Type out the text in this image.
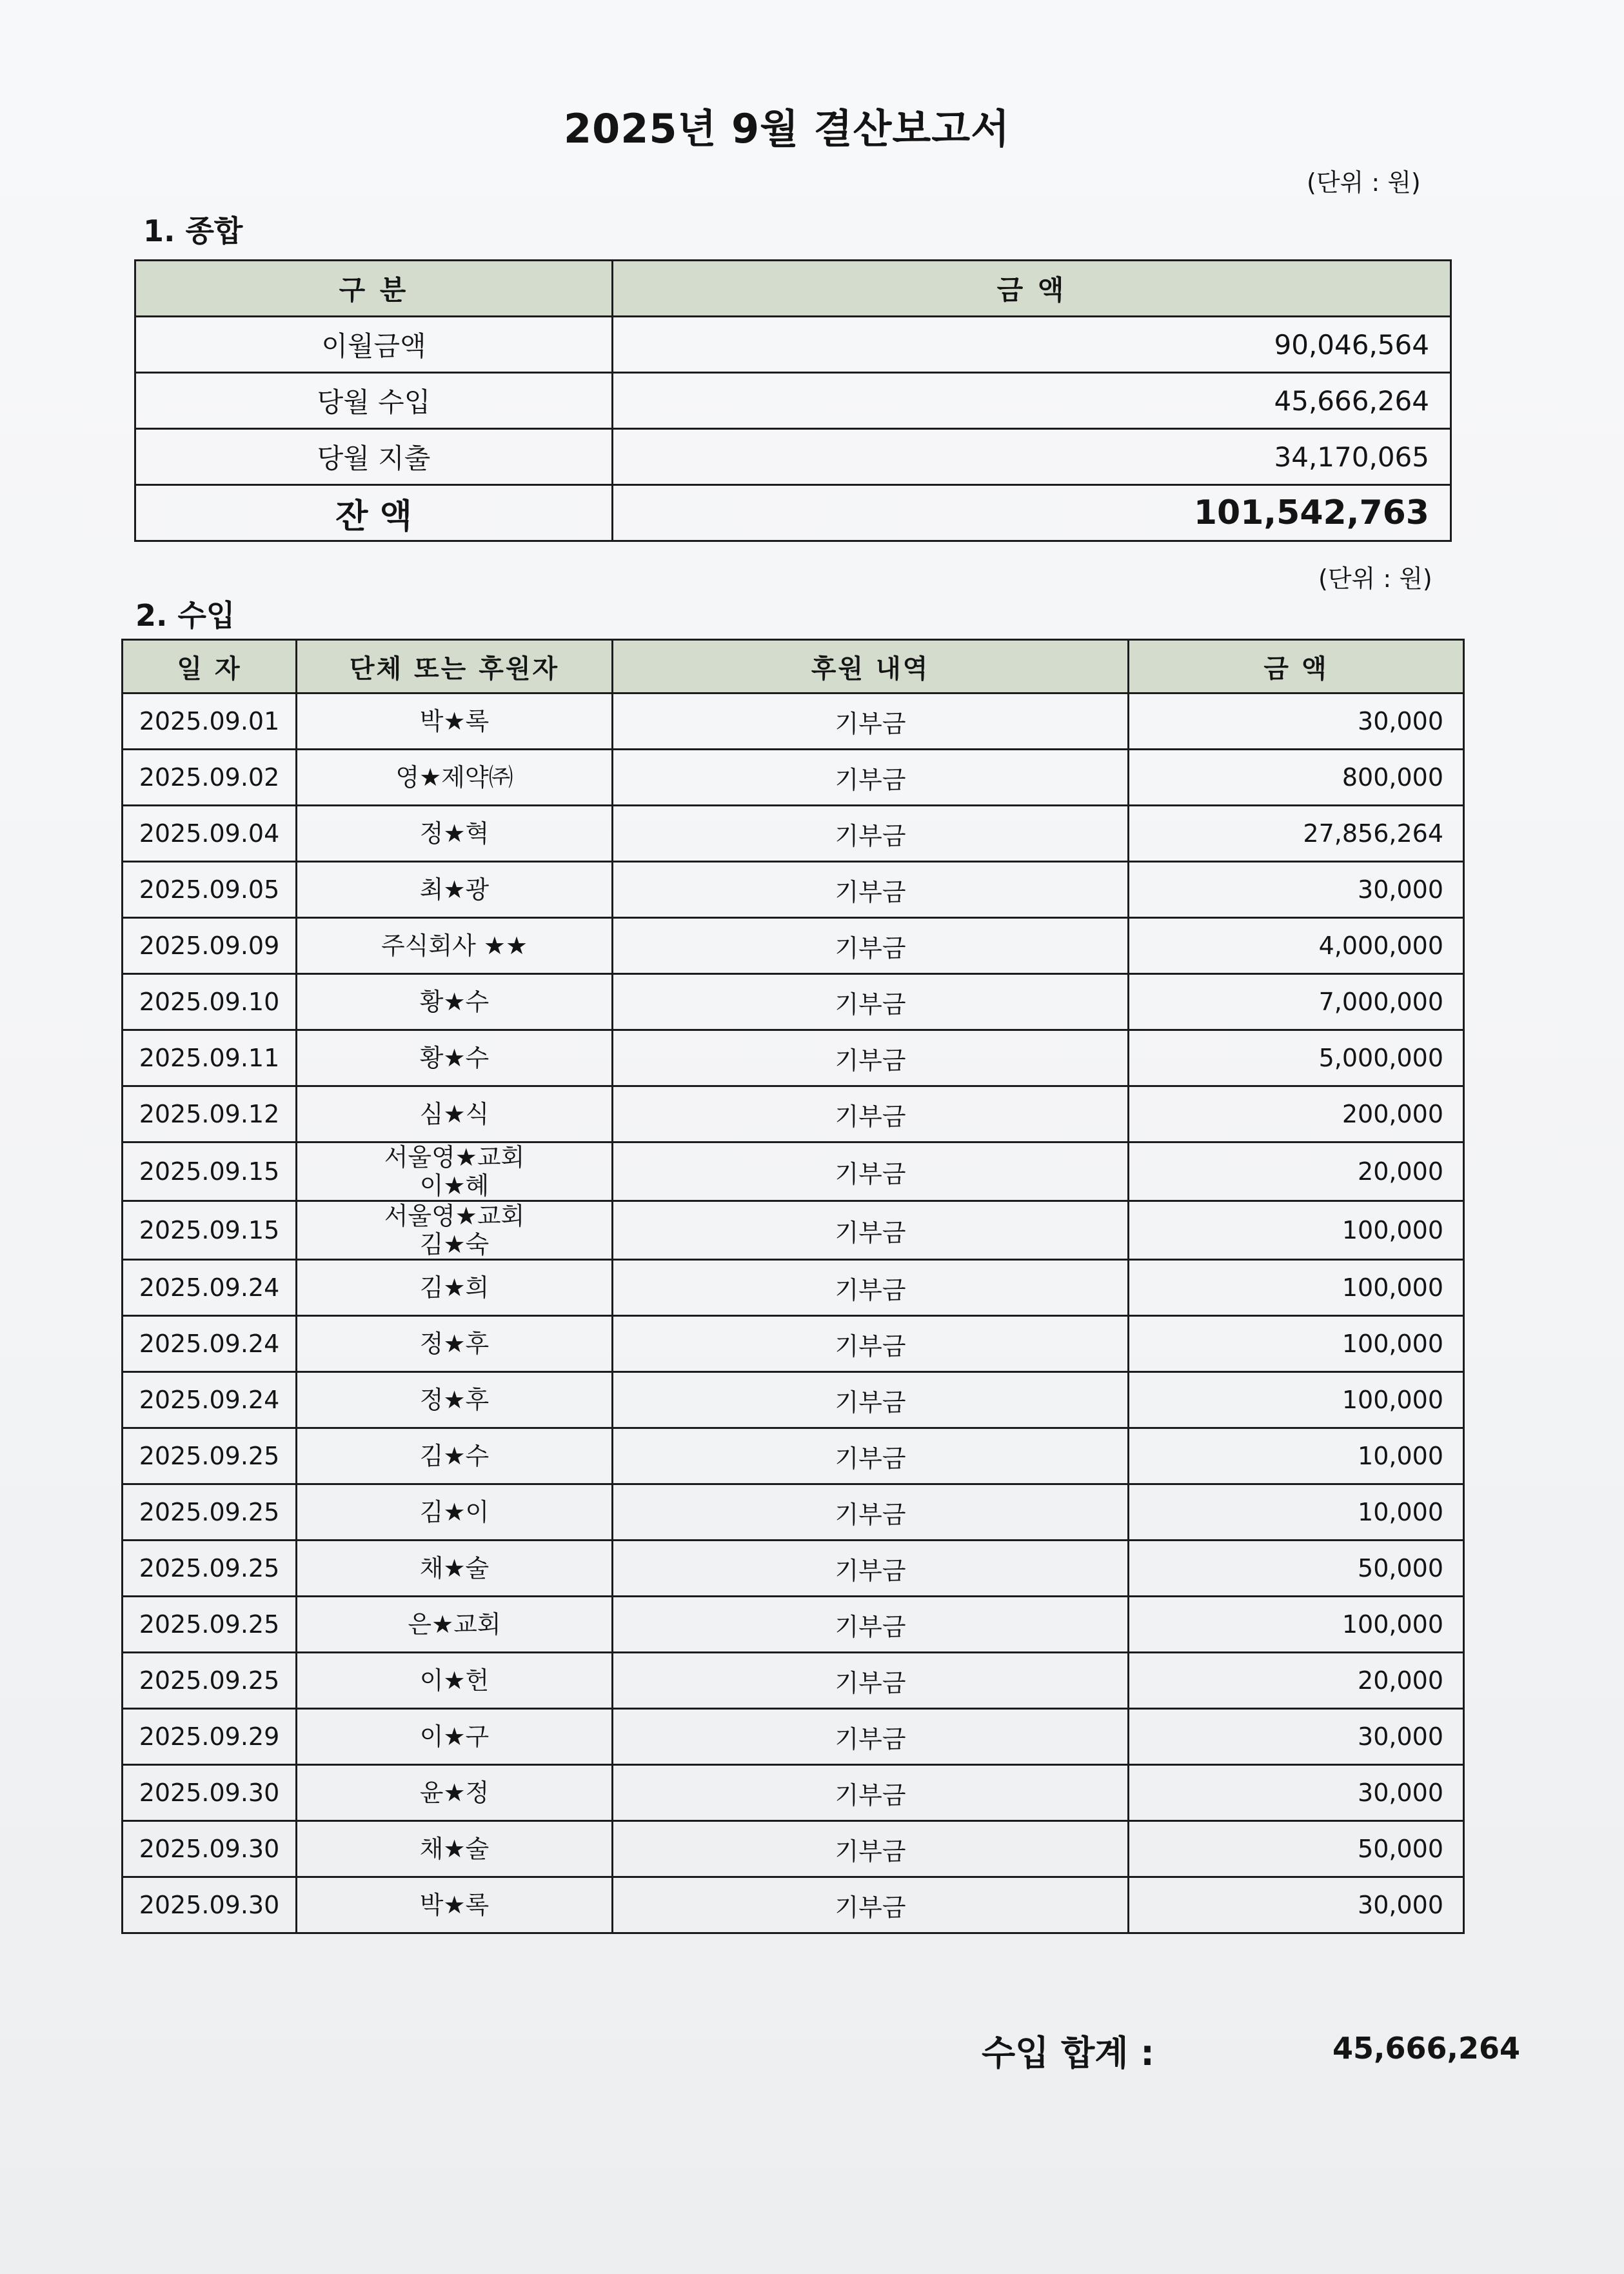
2025년 9월 결산보고서
(단위 : 원)
1. 종합
구 분	금 액
이월금액	90,046,564
당월 수입	45,666,264
당월 지출	34,170,065
잔 액	101,542,763
(단위 : 원)
2. 수입
일 자	단체 또는 후원자	후원 내역	금 액
2025.09.01	박★록	기부금	30,000
2025.09.02	영★제약㈜	기부금	800,000
2025.09.04	정★혁	기부금	27,856,264
2025.09.05	최★광	기부금	30,000
2025.09.09	주식회사 ★★	기부금	4,000,000
2025.09.10	황★수	기부금	7,000,000
2025.09.11	황★수	기부금	5,000,000
2025.09.12	심★식	기부금	200,000
2025.09.15	서울영★교회
이★혜	기부금	20,000
2025.09.15	서울영★교회
김★숙	기부금	100,000
2025.09.24	김★희	기부금	100,000
2025.09.24	정★후	기부금	100,000
2025.09.24	정★후	기부금	100,000
2025.09.25	김★수	기부금	10,000
2025.09.25	김★이	기부금	10,000
2025.09.25	채★술	기부금	50,000
2025.09.25	은★교회	기부금	100,000
2025.09.25	이★헌	기부금	20,000
2025.09.29	이★구	기부금	30,000
2025.09.30	윤★정	기부금	30,000
2025.09.30	채★술	기부금	50,000
2025.09.30	박★록	기부금	30,000
수입 합계 :	45,666,264
